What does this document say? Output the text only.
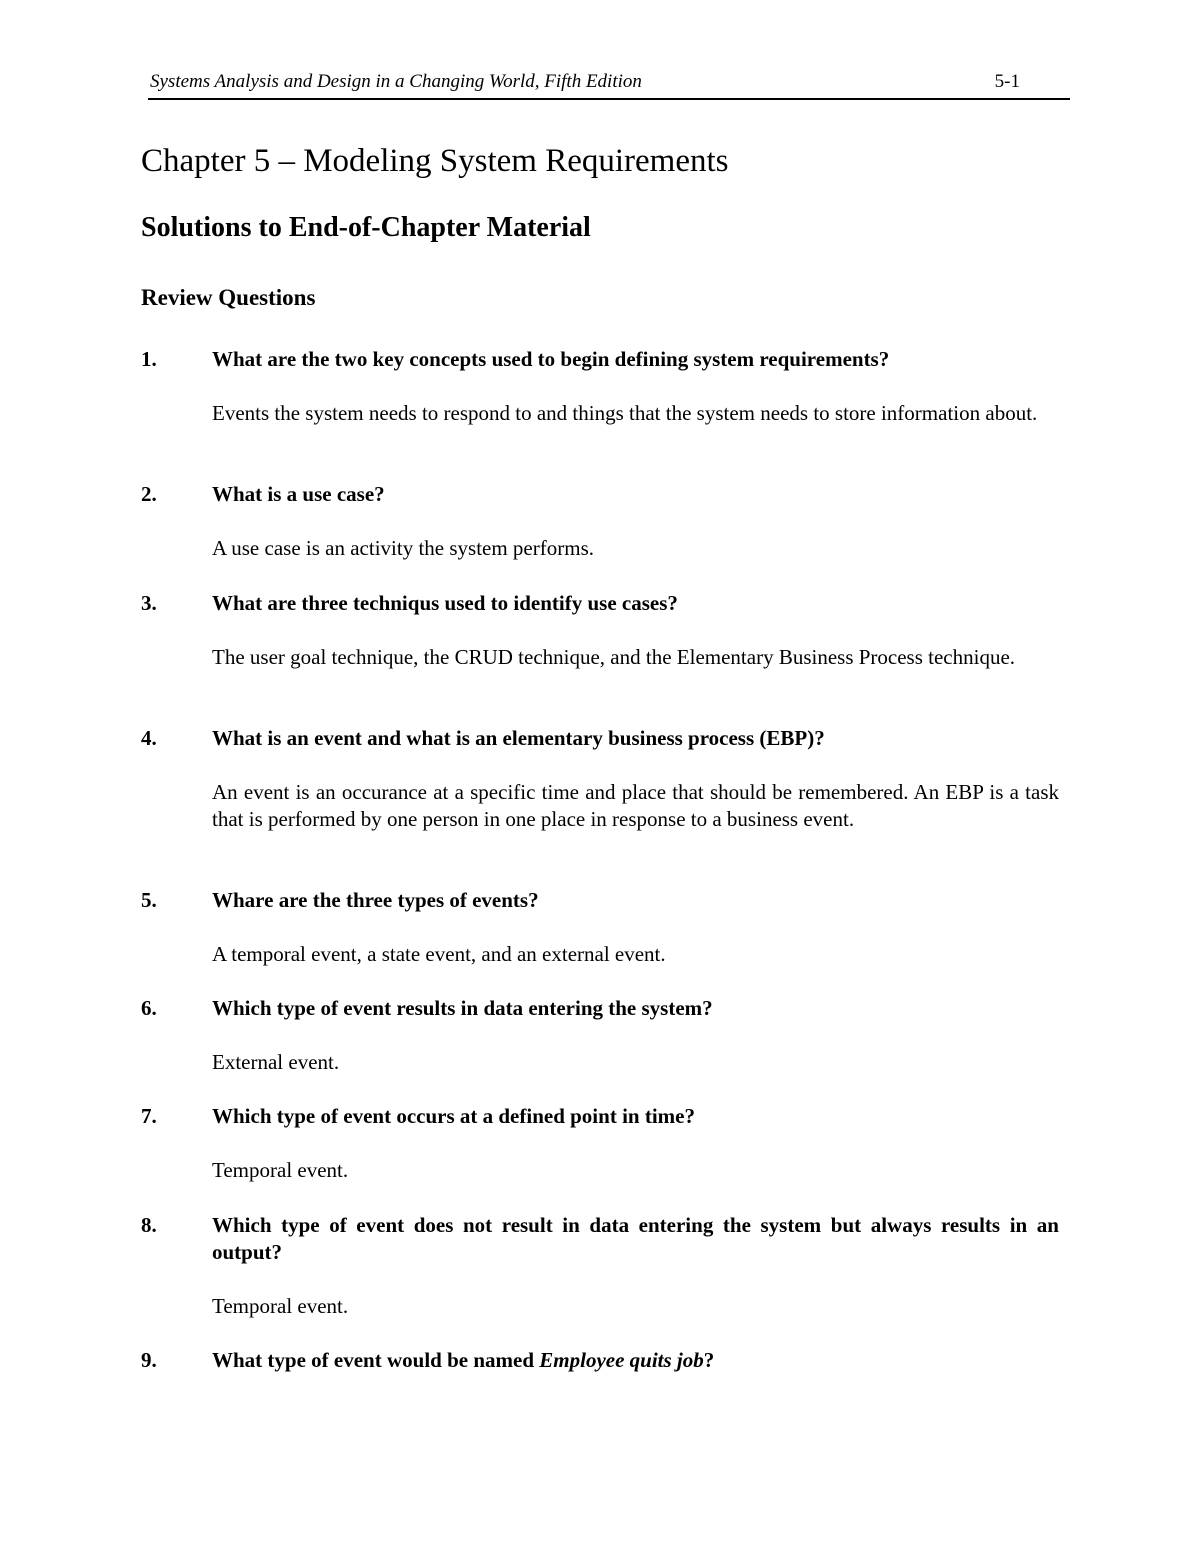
Systems Analysis and Design in a Changing World, Fifth Edition	5-1
Chapter 5 – Modeling System Requirements
Solutions to End-of-Chapter Material
Review Questions
1.	What are the two key concepts used to begin defining system requirements?

Events the system needs to respond to and things that the system needs to store information about.

2.	What is a use case?

A use case is an activity the system performs.

3.	What are three techniqus used to identify use cases?

The user goal technique, the CRUD technique, and the Elementary Business Process technique.

4.	What is an event and what is an elementary business process (EBP)?

An event is an occurance at a specific time and place that should be remembered. An EBP is a task that is performed by one person in one place in response to a business event.

5.	Whare are the three types of events?

A temporal event, a state event, and an external event.

6.	Which type of event results in data entering the system?

External event.

7.	Which type of event occurs at a defined point in time?

Temporal event.

8.	Which type of event does not result in data entering the system but always results in an output?

Temporal event.

9.	What type of event would be named Employee quits job?
